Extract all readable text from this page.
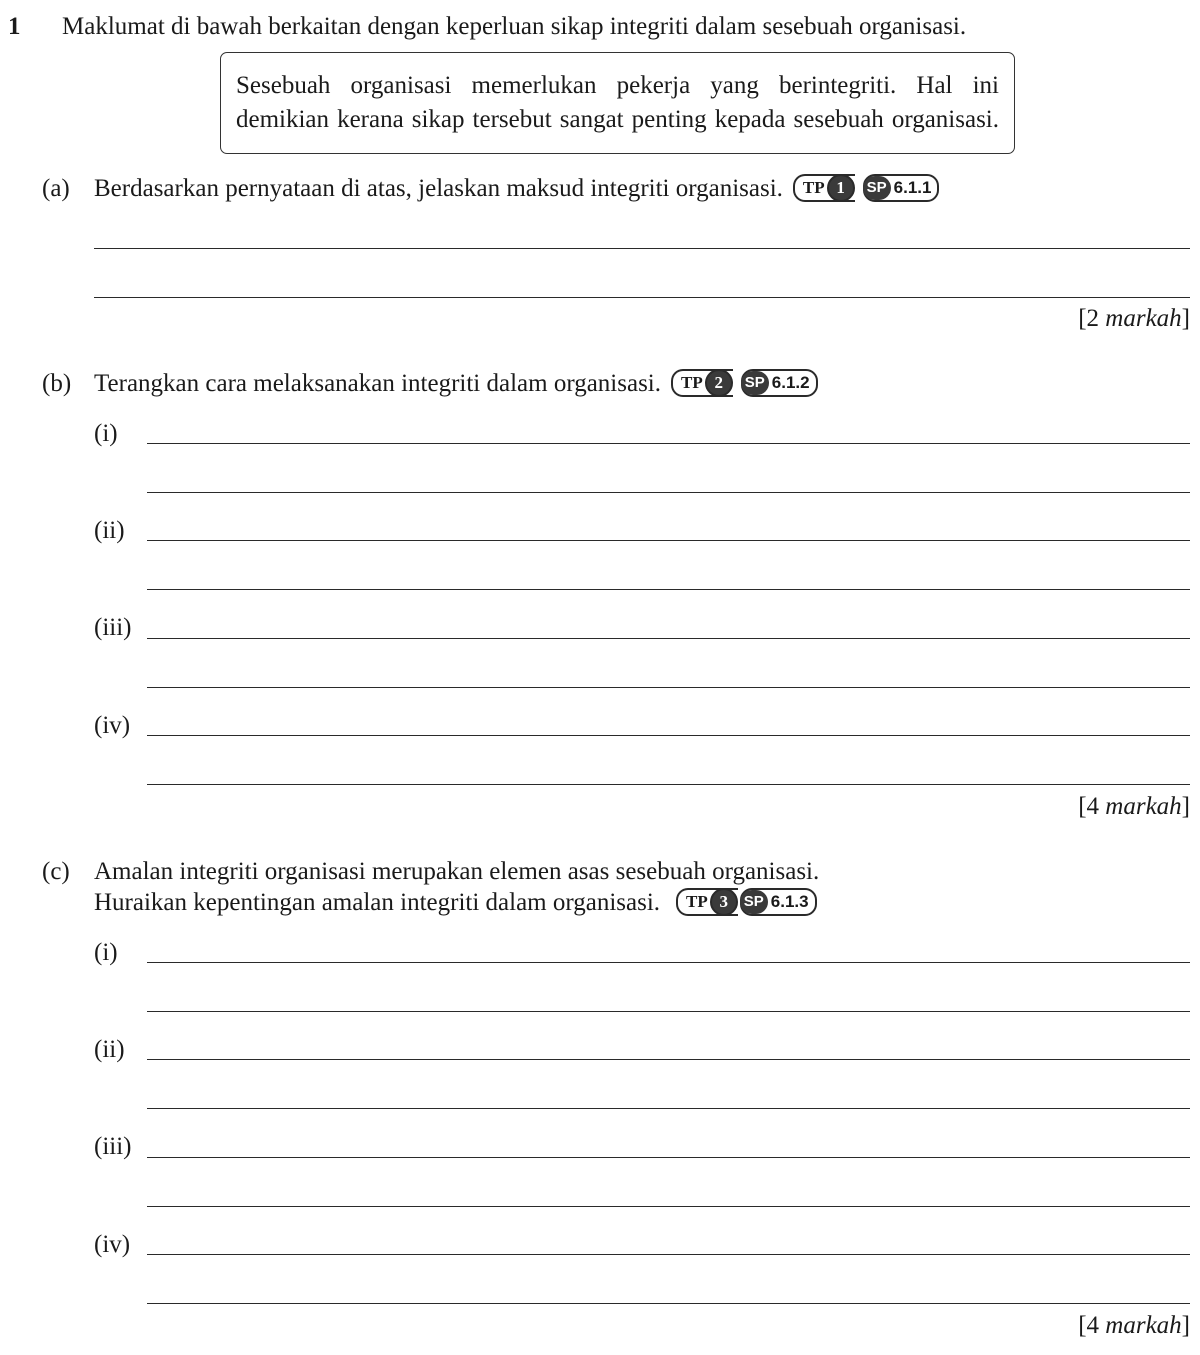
1 Maklumat di bawah berkaitan dengan keperluan sikap integriti dalam sesebuah organisasi.
Sesebuah organisasi memerlukan pekerja yang berintegriti. Hal ini
demikian kerana sikap tersebut sangat penting kepada sesebuah organisasi.
(a) Berdasarkan pernyataan di atas, jelaskan maksud integriti organisasi. TP 1	SP 6.1.1
[2 markah]
(b) Terangkan cara melaksanakan integriti dalam organisasi. TP 2	SP 6.1.2
(i)
(ii)
(iii)
(iv)
[4 markah]
(c) Amalan integriti organisasi merupakan elemen asas sesebuah organisasi.
Huraikan kepentingan amalan integriti dalam organisasi. TP 3	SP 6.1.3
(i)
(ii)
(iii)
(iv)
[4 markah]
